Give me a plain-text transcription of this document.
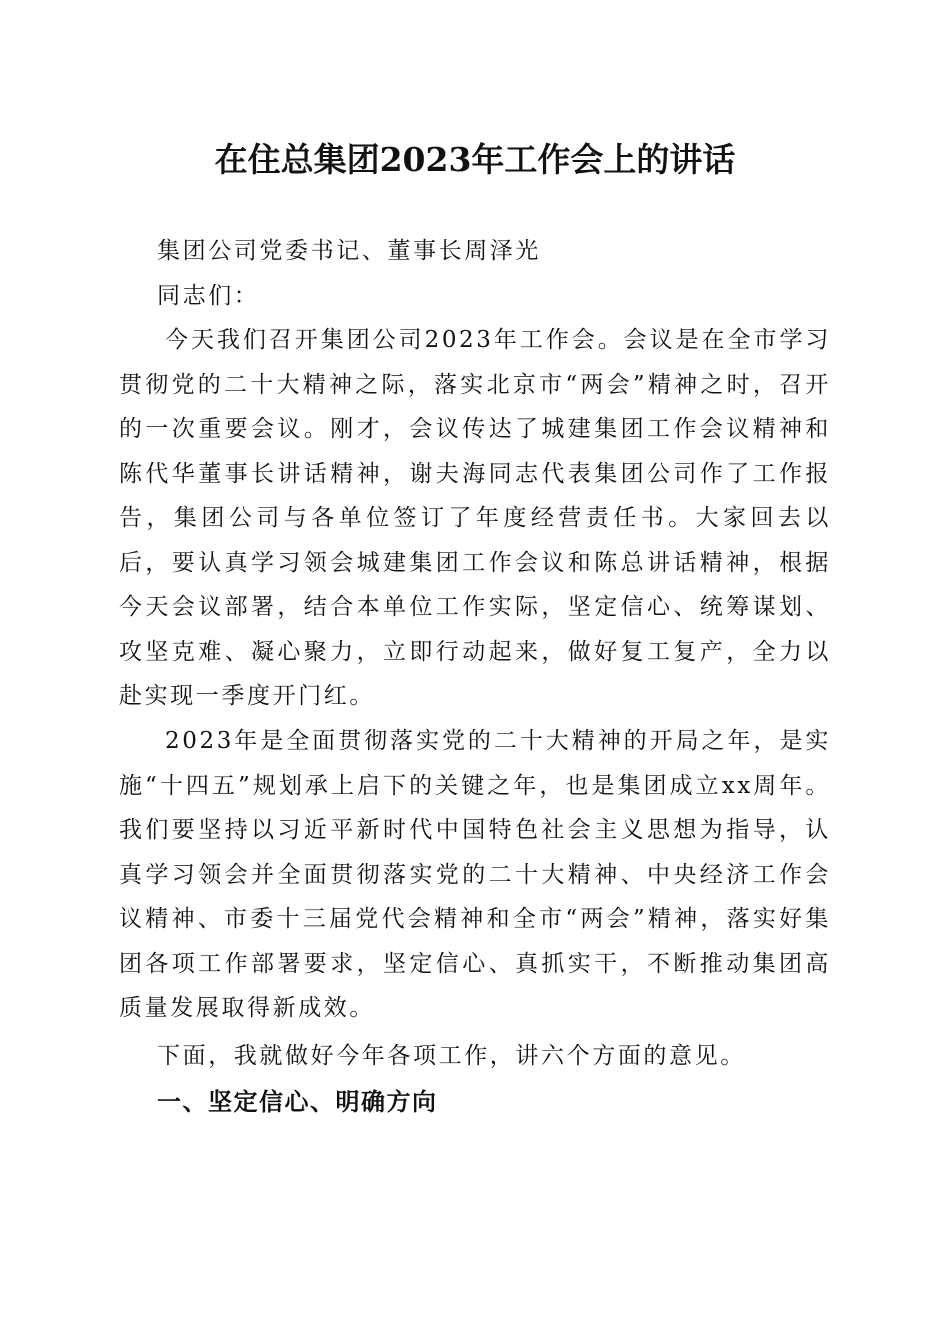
在住总集团2023年工作会上的讲话
集团公司党委书记、董事长周泽光
同志们：

今天我们召开集团公司2023年工作会。会议是在全市学习贯彻党的二十大精神之际，落实北京市“两会”精神之时，召开的一次重要会议。刚才，会议传达了城建集团工作会议精神和陈代华董事长讲话精神，谢夫海同志代表集团公司作了工作报告，集团公司与各单位签订了年度经营责任书。大家回去以后，要认真学习领会城建集团工作会议和陈总讲话精神，根据今天会议部署，结合本单位工作实际，坚定信心、统筹谋划、攻坚克难、凝心聚力，立即行动起来，做好复工复产，全力以赴实现一季度开门红。

2023年是全面贯彻落实党的二十大精神的开局之年，是实施“十四五”规划承上启下的关键之年，也是集团成立xx周年。我们要坚持以习近平新时代中国特色社会主义思想为指导，认真学习领会并全面贯彻落实党的二十大精神、中央经济工作会议精神、市委十三届党代会精神和全市“两会”精神，落实好集团各项工作部署要求，坚定信心、真抓实干，不断推动集团高质量发展取得新成效。

下面，我就做好今年各项工作，讲六个方面的意见。
一、坚定信心、明确方向
